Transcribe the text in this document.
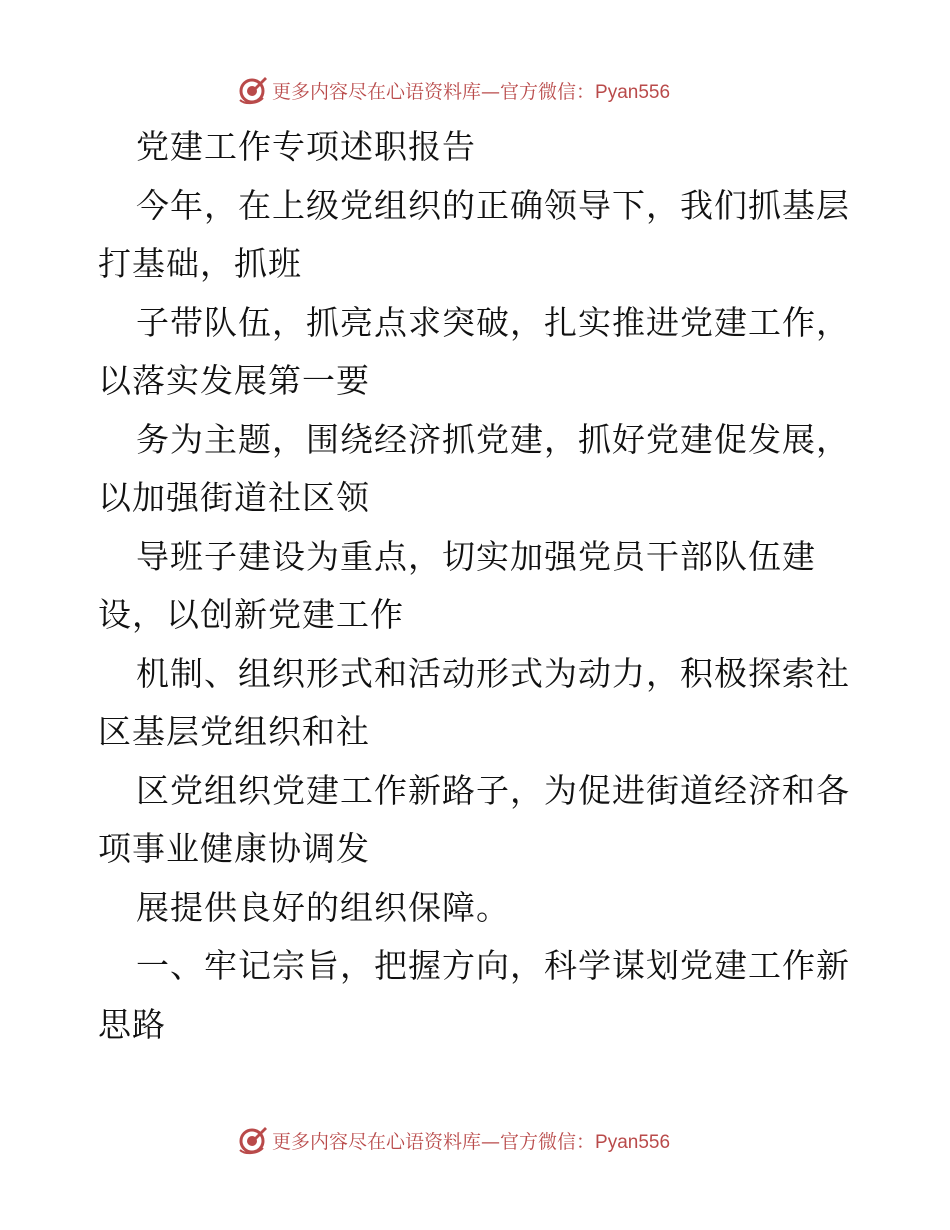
更多内容尽在心语资料库—官方微信：Pyan556
党建工作专项述职报告
今年，在上级党组织的正确领导下，我们抓基层
打基础，抓班
子带队伍，抓亮点求突破，扎实推进党建工作，
以落实发展第一要
务为主题，围绕经济抓党建，抓好党建促发展，
以加强街道社区领
导班子建设为重点，切实加强党员干部队伍建
设，以创新党建工作
机制、组织形式和活动形式为动力，积极探索社
区基层党组织和社
区党组织党建工作新路子，为促进街道经济和各
项事业健康协调发
展提供良好的组织保障。
一、牢记宗旨，把握方向，科学谋划党建工作新
思路
更多内容尽在心语资料库—官方微信：Pyan556
